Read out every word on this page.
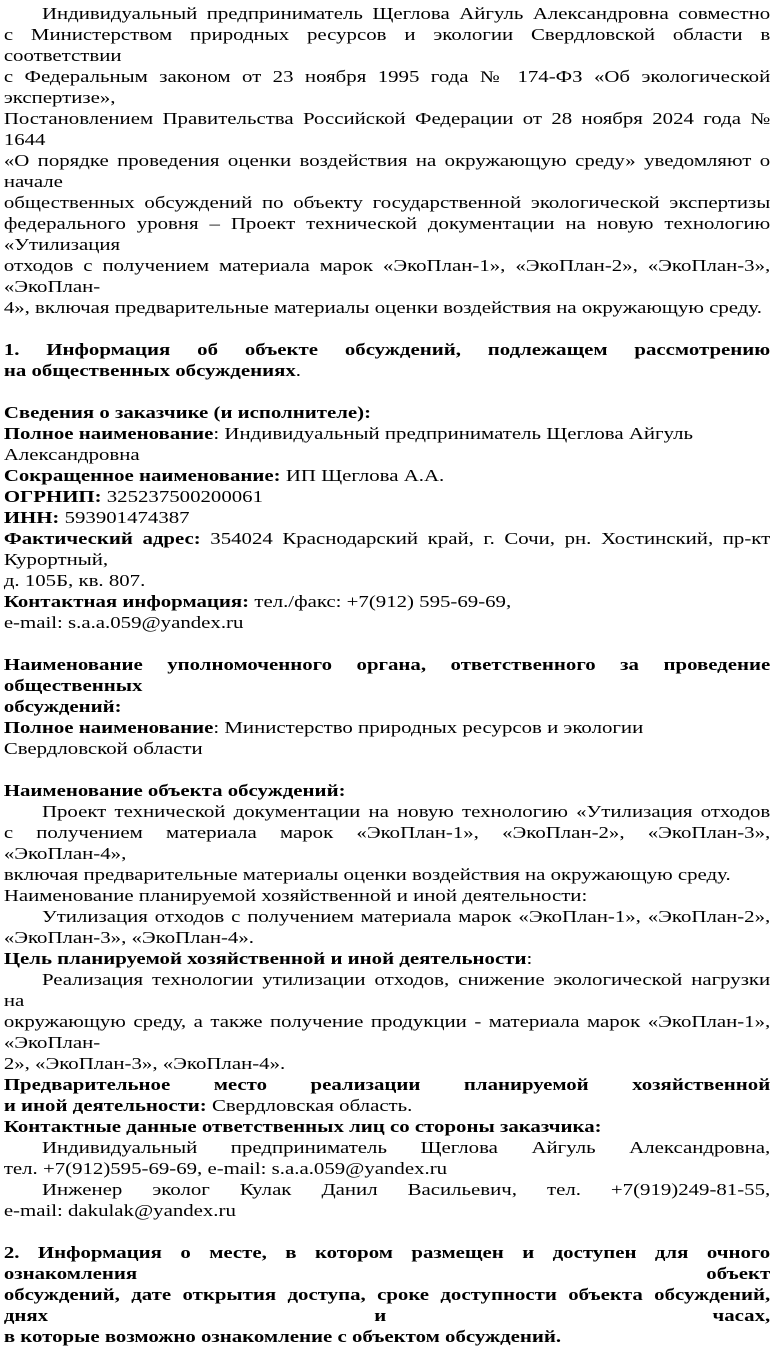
Индивидуальный предприниматель Щеглова Айгуль Александровна совместно
с Министерством природных ресурсов и экологии Свердловской области в соответствии
с Федеральным законом от 23 ноября 1995 года № 174-ФЗ «Об экологической экспертизе»,
Постановлением Правительства Российской Федерации от 28 ноября 2024 года № 1644
«О порядке проведения оценки воздействия на окружающую среду» уведомляют о начале
общественных обсуждений по объекту государственной экологической экспертизы
федерального уровня – Проект технической документации на новую технологию «Утилизация
отходов с получением материала марок «ЭкоПлан-1», «ЭкоПлан-2», «ЭкоПлан-3», «ЭкоПлан-
4», включая предварительные материалы оценки воздействия на окружающую среду.
1. Информация об объекте обсуждений, подлежащем рассмотрению
на общественных обсуждениях.
Сведения о заказчике (и исполнителе):
Полное наименование: Индивидуальный предприниматель Щеглова Айгуль Александровна
Сокращенное наименование: ИП Щеглова А.А.
ОГРНИП: 325237500200061
ИНН: 593901474387
Фактический адрес: 354024 Краснодарский край, г. Сочи, рн. Хостинский, пр-кт Курортный,
д. 105Б, кв. 807.
Контактная информация: тел./факс: +7(912) 595-69-69,
e-mail: s.a.a.059@yandex.ru
Наименование уполномоченного органа, ответственного за проведение общественных
обсуждений:
Полное наименование: Министерство природных ресурсов и экологии Свердловской области
Наименование объекта обсуждений:
Проект технической документации на новую технологию «Утилизация отходов
с получением материала марок «ЭкоПлан-1», «ЭкоПлан-2», «ЭкоПлан-3», «ЭкоПлан-4»,
включая предварительные материалы оценки воздействия на окружающую среду.
Наименование планируемой хозяйственной и иной деятельности:
Утилизация отходов с получением материала марок «ЭкоПлан-1», «ЭкоПлан-2»,
«ЭкоПлан-3», «ЭкоПлан-4».
Цель планируемой хозяйственной и иной деятельности:
Реализация технологии утилизации отходов, снижение экологической нагрузки на
окружающую среду, а также получение продукции - материала марок «ЭкоПлан-1», «ЭкоПлан-
2», «ЭкоПлан-3», «ЭкоПлан-4».
Предварительное место реализации планируемой хозяйственной
и иной деятельности: Свердловская область.
Контактные данные ответственных лиц со стороны заказчика:
Индивидуальный предприниматель Щеглова Айгуль Александровна,
тел. +7(912)595-69-69, e-mail: s.a.a.059@yandex.ru
Инженер эколог Кулак Данил Васильевич, тел. +7(919)249-81-55,
e-mail: dakulak@yandex.ru
2. Информация о месте, в котором размещен и доступен для очного ознакомления объект
обсуждений, дате открытия доступа, сроке доступности объекта обсуждений, днях и часах,
в которые возможно ознакомление с объектом обсуждений.
